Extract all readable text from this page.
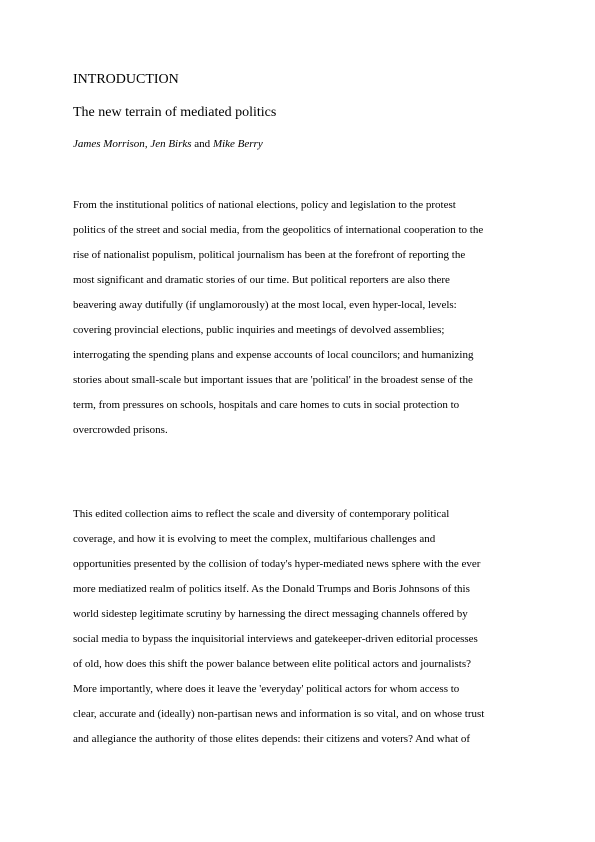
INTRODUCTION
The new terrain of mediated politics
James Morrison, Jen Birks and Mike Berry
From the institutional politics of national elections, policy and legislation to the protest
politics of the street and social media, from the geopolitics of international cooperation to the
rise of nationalist populism, political journalism has been at the forefront of reporting the
most significant and dramatic stories of our time. But political reporters are also there
beavering away dutifully (if unglamorously) at the most local, even hyper-local, levels:
covering provincial elections, public inquiries and meetings of devolved assemblies;
interrogating the spending plans and expense accounts of local councilors; and humanizing
stories about small-scale but important issues that are 'political' in the broadest sense of the
term, from pressures on schools, hospitals and care homes to cuts in social protection to
overcrowded prisons.
This edited collection aims to reflect the scale and diversity of contemporary political
coverage, and how it is evolving to meet the complex, multifarious challenges and
opportunities presented by the collision of today's hyper-mediated news sphere with the ever
more mediatized realm of politics itself. As the Donald Trumps and Boris Johnsons of this
world sidestep legitimate scrutiny by harnessing the direct messaging channels offered by
social media to bypass the inquisitorial interviews and gatekeeper-driven editorial processes
of old, how does this shift the power balance between elite political actors and journalists?
More importantly, where does it leave the 'everyday' political actors for whom access to
clear, accurate and (ideally) non-partisan news and information is so vital, and on whose trust
and allegiance the authority of those elites depends: their citizens and voters? And what of
